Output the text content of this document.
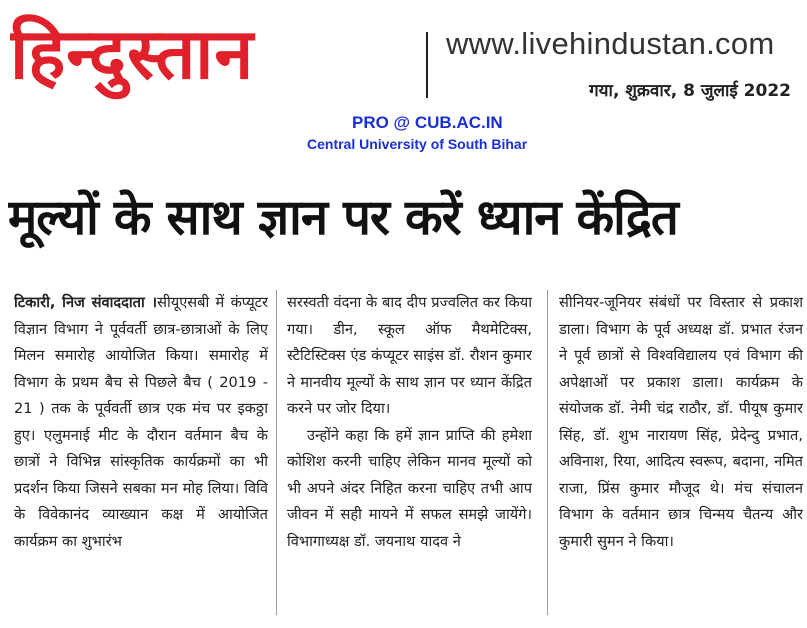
हिन्दुस्तान	www.livehindustan.com
गया, शुक्रवार, 8 जुलाई 2022
PRO @ CUB.AC.IN
Central University of South Bihar
मूल्यों के साथ ज्ञान पर करें ध्यान केंद्रित

टिकारी, निज संवाददाता ।सीयूएसबी में कंप्यूटर विज्ञान विभाग ने पूर्ववर्ती छात्र-छात्राओं के लिए मिलन समारोह आयोजित किया। समारोह में विभाग के प्रथम बैच से पिछले बैच ( 2019 - 21 ) तक के पूर्ववर्ती छात्र एक मंच पर इकठ्ठा हुए। एलुमनाई मीट के दौरान वर्तमान बैच के छात्रों ने विभिन्न सांस्कृतिक कार्यक्रमों का भी प्रदर्शन किया जिसने सबका मन मोह लिया। विवि के विवेकानंद व्याख्यान कक्ष में आयोजित कार्यक्रम का शुभारंभ

सरस्वती वंदना के बाद दीप प्रज्वलित कर किया गया। डीन, स्कूल ऑफ मैथमेटिक्स, स्टैटिस्टिक्स एंड कंप्यूटर साइंस डॉ. रौशन कुमार ने मानवीय मूल्यों के साथ ज्ञान पर ध्यान केंद्रित करने पर जोर दिया।

उन्होंने कहा कि हमें ज्ञान प्राप्ति की हमेशा कोशिश करनी चाहिए लेकिन मानव मूल्यों को भी अपने अंदर निहित करना चाहिए तभी आप जीवन में सही मायने में सफल समझे जायेंगे। विभागाध्यक्ष डॉ. जयनाथ यादव ने

सीनियर-जूनियर संबंधों पर विस्तार से प्रकाश डाला। विभाग के पूर्व अध्यक्ष डॉ. प्रभात रंजन ने पूर्व छात्रों से विश्वविद्यालय एवं विभाग की अपेक्षाओं पर प्रकाश डाला। कार्यक्रम के संयोजक डॉ. नेमी चंद्र राठौर, डॉ. पीयूष कुमार सिंह, डॉ. शुभ नारायण सिंह, प्रेदेन्दु प्रभात, अविनाश, रिया, आदित्य स्वरूप, बदाना, नमित राजा, प्रिंस कुमार मौजूद थे। मंच संचालन विभाग के वर्तमान छात्र चिन्मय चैतन्य और कुमारी सुमन ने किया।
